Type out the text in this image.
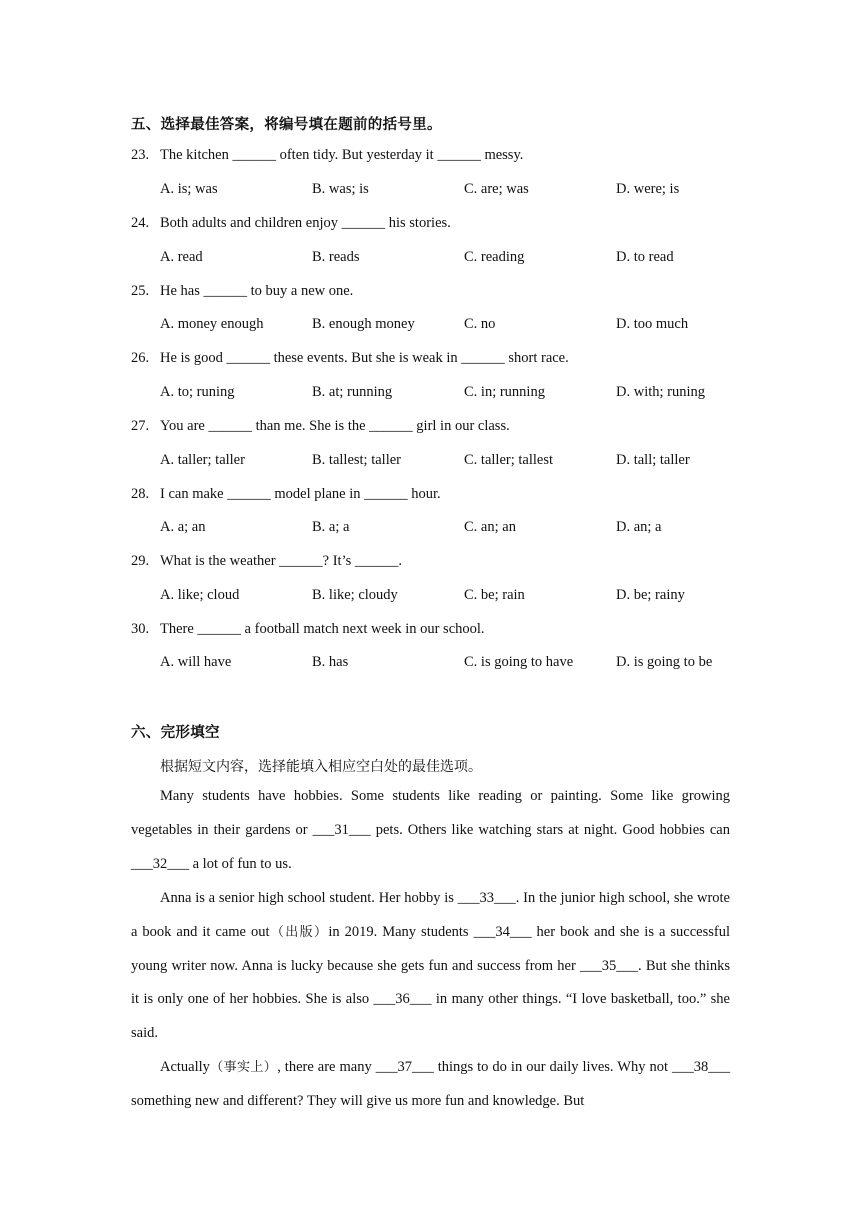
五、选择最佳答案，将编号填在题前的括号里。
23. The kitchen ______ often tidy. But yesterday it ______ messy.
A. is; was	B. was; is	C. are; was	D. were; is
24. Both adults and children enjoy ______ his stories.
A. read	B. reads	C. reading	D. to read
25. He has ______ to buy a new one.
A. money enough	B. enough money	C. no	D. too much
26. He is good ______ these events. But she is weak in ______ short race.
A. to; runing	B. at; running	C. in; running	D. with; runing
27. You are ______ than me. She is the ______ girl in our class.
A. taller; taller	B. tallest; taller	C. taller; tallest	D. tall; taller
28. I can make ______ model plane in ______ hour.
A. a; an	B. a; a	C. an; an	D. an; a
29. What is the weather ______? It’s ______.
A. like; cloud	B. like; cloudy	C. be; rain	D. be; rainy
30. There ______ a football match next week in our school.
A. will have	B. has	C. is going to have	D. is going to be
六、完形填空
根据短文内容，选择能填入相应空白处的最佳选项。

Many students have hobbies. Some students like reading or painting. Some like growing vegetables in their gardens or ___31___ pets. Others like watching stars at night. Good hobbies can ___32___ a lot of fun to us.

Anna is a senior high school student. Her hobby is ___33___. In the junior high school, she wrote a book and it came out（出版）in 2019. Many students ___34___ her book and she is a successful young writer now. Anna is lucky because she gets fun and success from her ___35___. But she thinks it is only one of her hobbies. She is also ___36___ in many other things. “I love basketball, too.” she said.

Actually（事实上）, there are many ___37___ things to do in our daily lives. Why not ___38___ something new and different? They will give us more fun and knowledge. But
